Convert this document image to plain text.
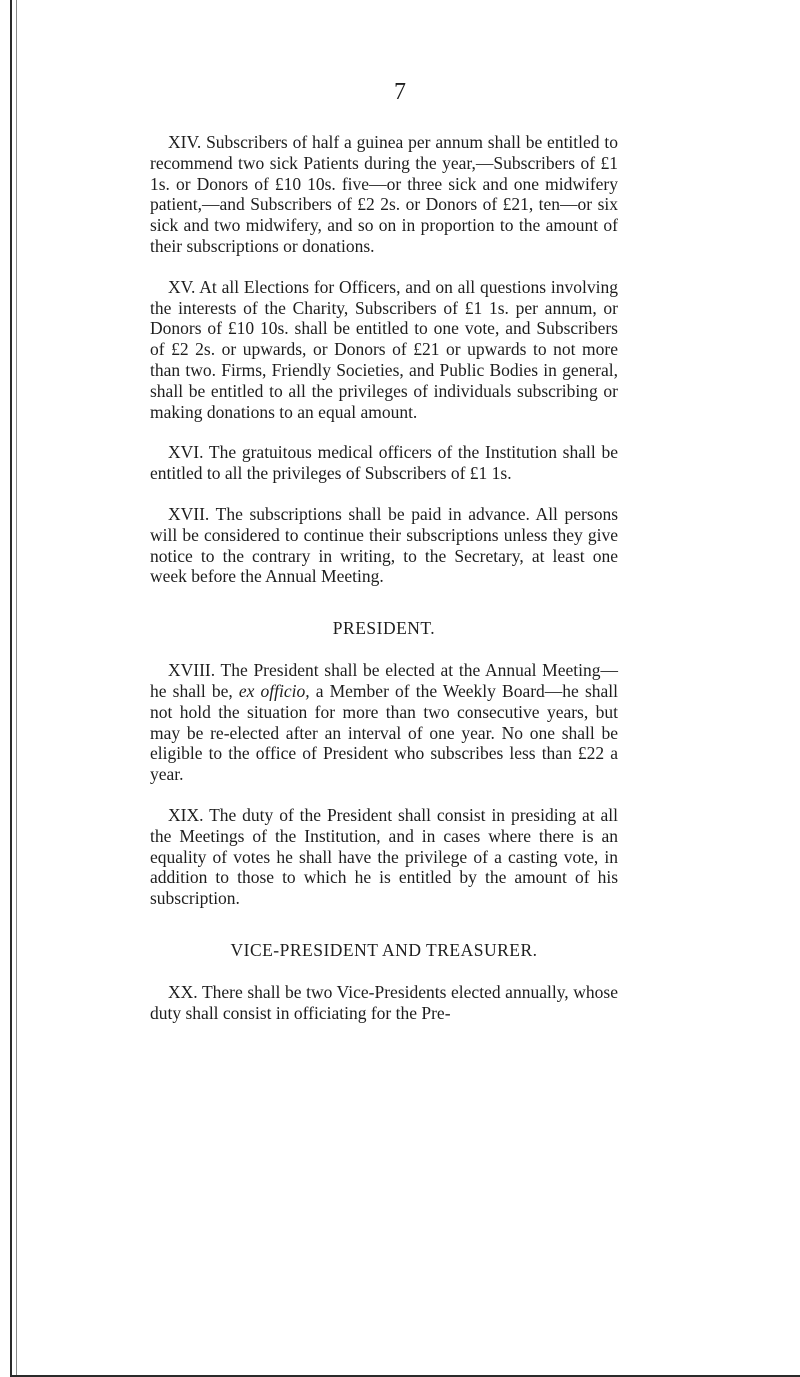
7

XIV. Subscribers of half a guinea per annum shall be entitled to recommend two sick Patients during the year,—Subscribers of £1 1s. or Donors of £10 10s. five—or three sick and one midwifery patient,—and Subscribers of £2 2s. or Donors of £21, ten—or six sick and two midwifery, and so on in proportion to the amount of their subscriptions or donations.

XV. At all Elections for Officers, and on all questions involving the interests of the Charity, Subscribers of £1 1s. per annum, or Donors of £10 10s. shall be entitled to one vote, and Subscribers of £2 2s. or upwards, or Donors of £21 or upwards to not more than two. Firms, Friendly Societies, and Public Bodies in general, shall be entitled to all the privileges of individuals subscribing or making donations to an equal amount.

XVI. The gratuitous medical officers of the Institution shall be entitled to all the privileges of Subscribers of £1 1s.

XVII. The subscriptions shall be paid in advance. All persons will be considered to continue their subscriptions unless they give notice to the contrary in writing, to the Secretary, at least one week before the Annual Meeting.

PRESIDENT.

XVIII. The President shall be elected at the Annual Meeting—he shall be, ex officio, a Member of the Weekly Board—he shall not hold the situation for more than two consecutive years, but may be re-elected after an interval of one year. No one shall be eligible to the office of President who subscribes less than £22 a year.

XIX. The duty of the President shall consist in presiding at all the Meetings of the Institution, and in cases where there is an equality of votes he shall have the privilege of a casting vote, in addition to those to which he is entitled by the amount of his subscription.

VICE-PRESIDENT AND TREASURER.

XX. There shall be two Vice-Presidents elected annually, whose duty shall consist in officiating for the Pre-
